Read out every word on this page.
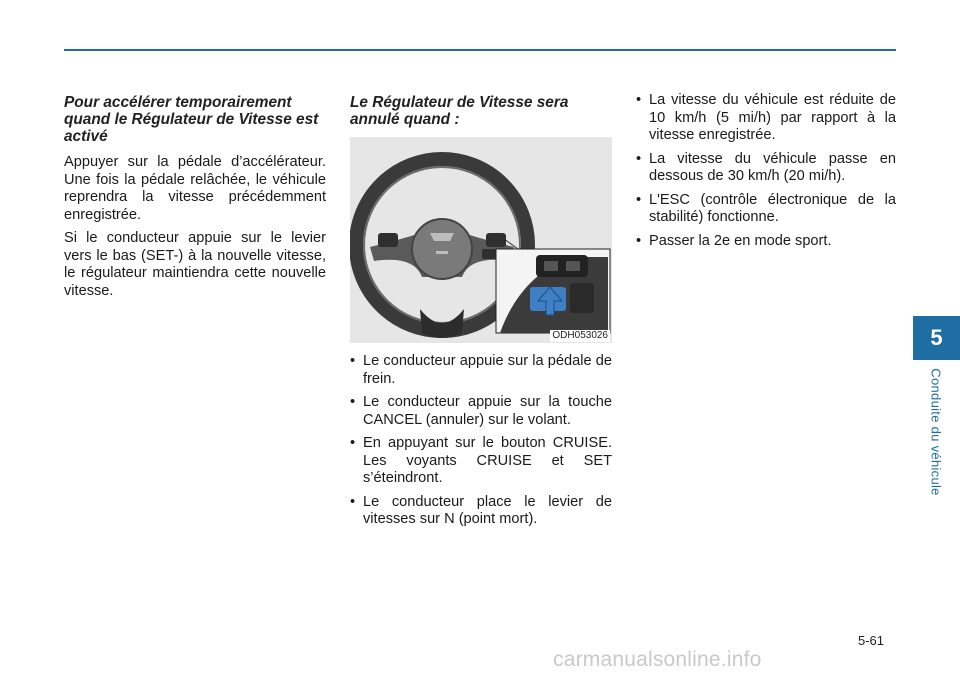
Pour accélérer temporairement quand le Régulateur de Vitesse est activé

Appuyer sur la pédale d’accélérateur. Une fois la pédale relâchée, le véhicule reprendra la vitesse précédemment enregistrée.

Si le conducteur appuie sur le levier vers le bas (SET-) à la nouvelle vitesse, le régulateur maintiendra cette nouvelle vitesse.

Le Régulateur de Vitesse sera annulé quand :
ODH053026
• Le conducteur appuie sur la pédale de frein.
• Le conducteur appuie sur la touche CANCEL (annuler) sur le volant.
• En appuyant sur le bouton CRUISE. Les voyants CRUISE et SET s’éteindront.
• Le conducteur place le levier de vitesses sur N (point mort).
• La vitesse du véhicule est réduite de 10 km/h (5 mi/h) par rapport à la vitesse enregistrée.
• La vitesse du véhicule passe en dessous de 30 km/h (20 mi/h).
• L'ESC (contrôle électronique de la stabilité) fonctionne.
• Passer la 2e en mode sport.
5
Conduite du véhicule
5-61
carmanualsonline.info
